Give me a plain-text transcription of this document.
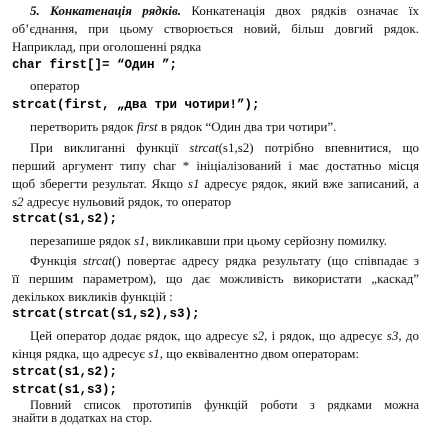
5. Конкатенація рядків. Конкатенація двох рядків означає їх
об’єднання, при цьому створюється новий, більш довгий рядок.
Наприклад, при оголошенні рядка
char first[]= “Один ”;
оператор
strcat(first, „два три чотири!”);
перетворить рядок first в рядок “Один два три чотири”.
При виклиганні функції strcat(s1,s2) потрібно впевнитися, що
перший аргумент типу char * ініціалізований і має достатньо місця
щоб зберегти результат. Якщо s1 адресує рядок, який вже записаний, а
s2 адресує нульовий рядок, то оператор
strcat(s1,s2);
перезапише рядок s1, викликавши при цьому серйозну помилку.
Функція strcat() повертає адресу рядка результату (що співпадає з
її першим параметром), що дає можливість використати „каскад”
декількох викликів функцій :
strcat(strcat(s1,s2),s3);
Цей оператор додає рядок, що адресує s2, і рядок, що адресує s3, до
кінця рядка, що адресує s1, що еквівалентно двом операторам:
strcat(s1,s2);
strcat(s1,s3);
Повний список прототипів функцій роботи з рядками можна
знайти в додатках на стор.
